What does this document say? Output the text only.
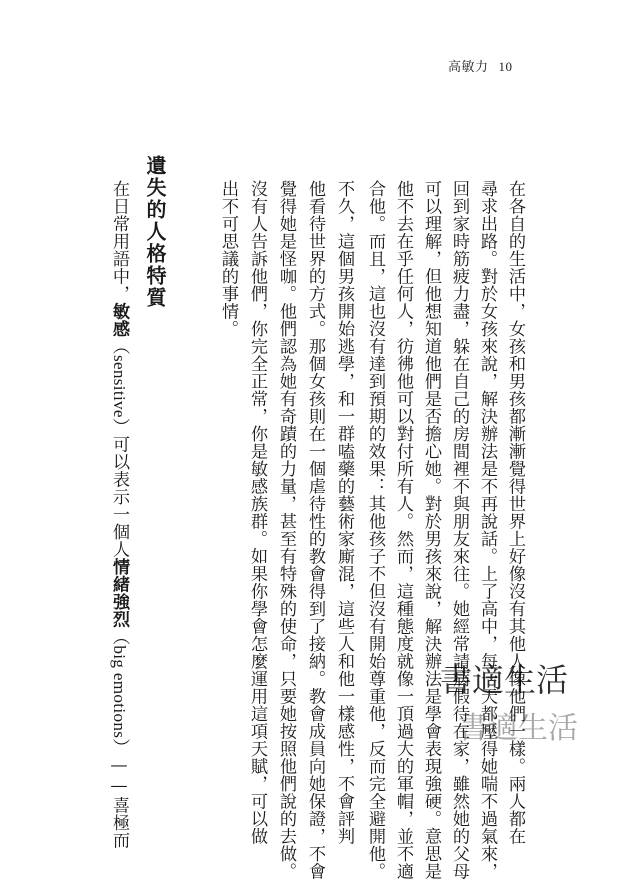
高敏力 10
在各自的生活中，女孩和男孩都漸漸覺得世界上好像沒有其他人像他們一樣。兩人都在
尋求出路。對於女孩來說，解決辦法是不再說話。上了高中，每一天都壓得她喘不過氣來，
回到家時筋疲力盡，躲在自己的房間裡不與朋友來往。她經常請病假待在家，雖然她的父母
可以理解，但他想知道他們是否擔心她。對於男孩來說，解決辦法是學會表現強硬。意思是
他不去在乎任何人，彷彿他可以對付所有人。然而，這種態度就像一頂過大的軍帽，並不適
合他。而且，這也沒有達到預期的效果：其他孩子不但沒有開始尊重他，反而完全避開他。
不久，這個男孩開始逃學，和一群嗑藥的藝術家廝混，這些人和他一樣感性，不會評判
他看待世界的方式。那個女孩則在一個虐待性的教會得到了接納。教會成員向她保證，不會
覺得她是怪咖。他們認為她有奇蹟的力量，甚至有特殊的使命，只要她按照他們說的去做。
沒有人告訴他們，你完全正常，你是敏感族群。如果你學會怎麼運用這項天賦，可以做
出不可思議的事情。
遺失的人格特質
在日常用語中，敏感（sensitive）可以表示一個人情緒強烈（big emotions）——喜極而
書適生活
書適生活
